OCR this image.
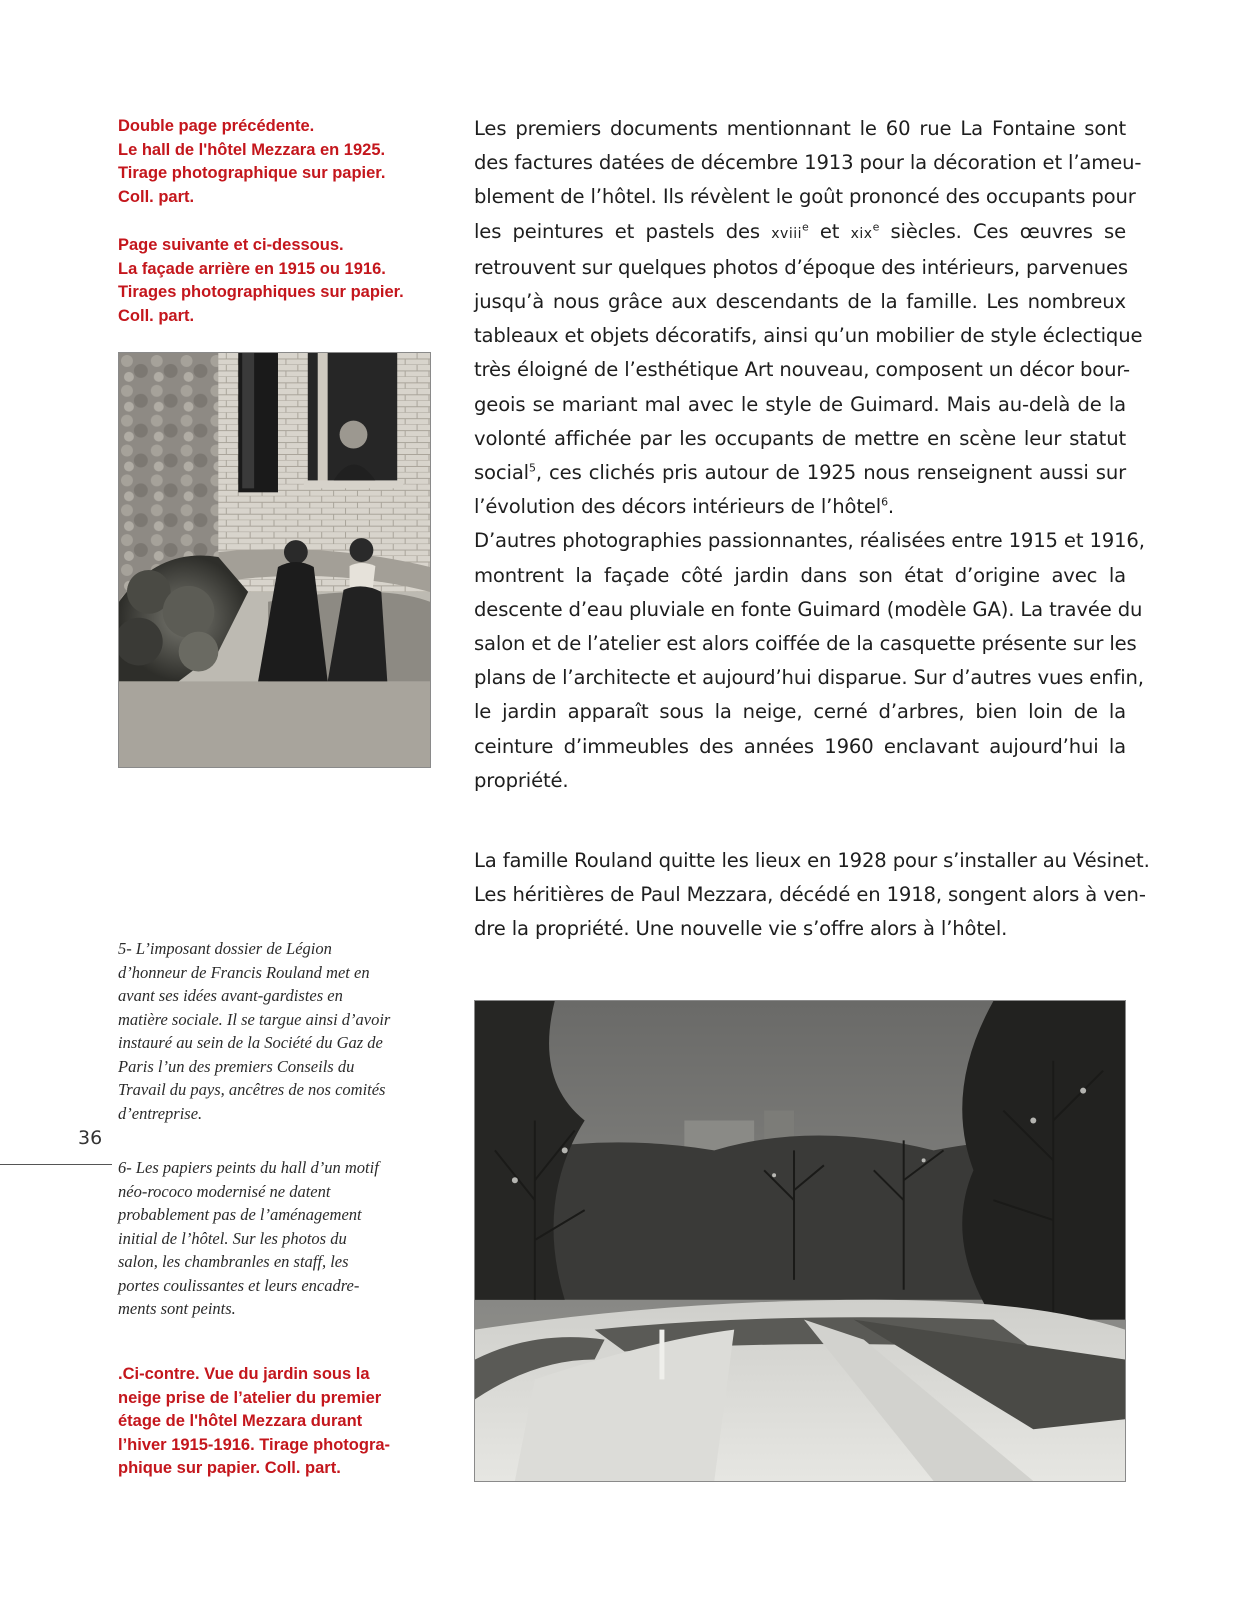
Double page précédente.
Le hall de l'hôtel Mezzara en 1925.
Tirage photographique sur papier.
Coll. part.
Page suivante et ci-dessous.
La façade arrière en 1915 ou 1916.
Tirages photographiques sur papier.
Coll. part.
Les premiers documents mentionnant le 60 rue La Fontaine sont
des factures datées de décembre 1913 pour la décoration et l’ameu-
blement de l’hôtel. Ils révèlent le goût prononcé des occupants pour
les peintures et pastels des xviii$^e$ et xix$^e$ siècles. Ces œuvres se
retrouvent sur quelques photos d’époque des intérieurs, parvenues
jusqu’à nous grâce aux descendants de la famille. Les nombreux
tableaux et objets décoratifs, ainsi qu’un mobilier de style éclectique
très éloigné de l’esthétique Art nouveau, composent un décor bour-
geois se mariant mal avec le style de Guimard. Mais au-delà de la
volonté affichée par les occupants de mettre en scène leur statut
social$^5$, ces clichés pris autour de 1925 nous renseignent aussi sur
l’évolution des décors intérieurs de l’hôtel$^6$.
D’autres photographies passionnantes, réalisées entre 1915 et 1916,
montrent la façade côté jardin dans son état d’origine avec la
descente d’eau pluviale en fonte Guimard (modèle GA). La travée du
salon et de l’atelier est alors coiffée de la casquette présente sur les
plans de l’architecte et aujourd’hui disparue. Sur d’autres vues enfin,
le jardin apparaît sous la neige, cerné d’arbres, bien loin de la
ceinture d’immeubles des années 1960 enclavant aujourd’hui la
propriété.
La famille Rouland quitte les lieux en 1928 pour s’installer au Vésinet.
Les héritières de Paul Mezzara, décédé en 1918, songent alors à ven-
dre la propriété. Une nouvelle vie s’offre alors à l’hôtel.
5- L’imposant dossier de Légion
d’honneur de Francis Rouland met en
avant ses idées avant-gardistes en
matière sociale. Il se targue ainsi d’avoir
instauré au sein de la Société du Gaz de
Paris l’un des premiers Conseils du
Travail du pays, ancêtres de nos comités
d’entreprise.
36
6- Les papiers peints du hall d’un motif
néo-rococo modernisé ne datent
probablement pas de l’aménagement
initial de l’hôtel. Sur les photos du
salon, les chambranles en staff, les
portes coulissantes et leurs encadre-
ments sont peints.
.Ci-contre. Vue du jardin sous la
neige prise de l’atelier du premier
étage de l'hôtel Mezzara durant
l’hiver 1915-1916. Tirage photogra-
phique sur papier. Coll. part.
